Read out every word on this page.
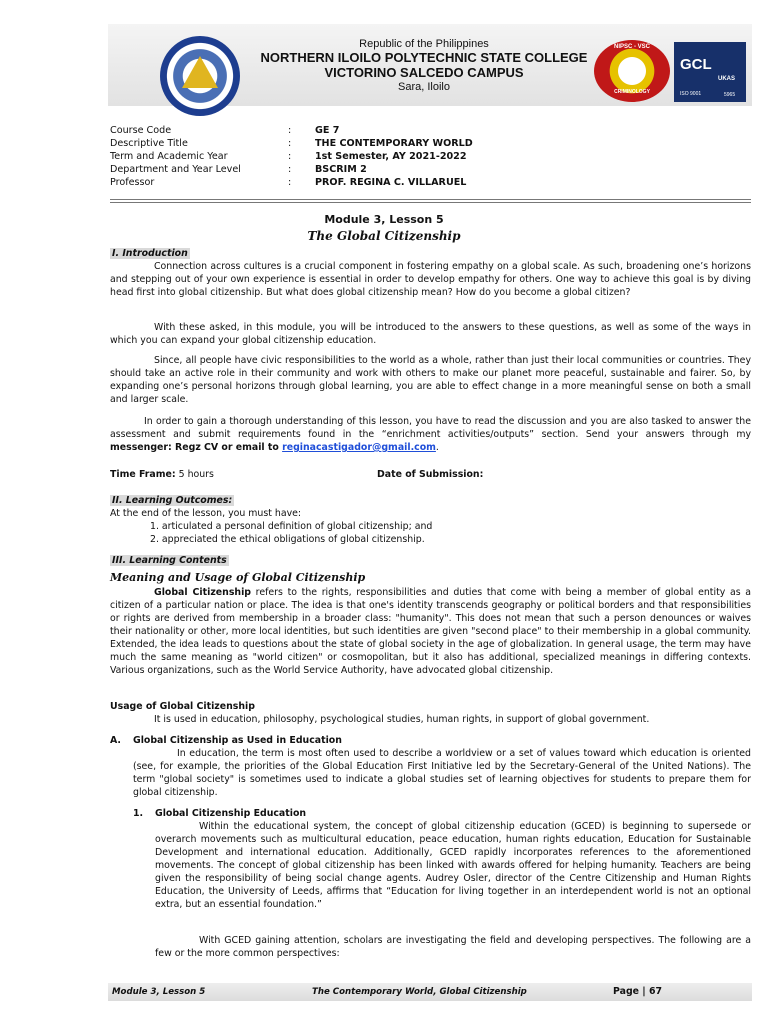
Republic of the Philippines
NORTHERN ILOILO POLYTECHNIC STATE COLLEGE
VICTORINO SALCEDO CAMPUS
Sara, Iloilo
NIPSC - VSC
CRIMINOLOGY
GCL
UKAS
ISO 9001	5965
Course Code	: GE 7
Descriptive Title	: THE CONTEMPORARY WORLD
Term and Academic Year	: 1st Semester, AY 2021-2022
Department and Year Level	: BSCRIM 2
Professor	: PROF. REGINA C. VILLARUEL
Module 3, Lesson 5
The Global Citizenship
I. Introduction

Connection across cultures is a crucial component in fostering empathy on a global scale. As such, broadening one’s horizons and stepping out of your own experience is essential in order to develop empathy for others. One way to achieve this goal is by diving head first into global citizenship. But what does global citizenship mean? How do you become a global citizen?

With these asked, in this module, you will be introduced to the answers to these questions, as well as some of the ways in which you can expand your global citizenship education.

Since, all people have civic responsibilities to the world as a whole, rather than just their local communities or countries. They should take an active role in their community and work with others to make our planet more peaceful, sustainable and fairer. So, by expanding one’s personal horizons through global learning, you are able to effect change in a more meaningful sense on both a small and larger scale.

In order to gain a thorough understanding of this lesson, you have to read the discussion and you are also tasked to answer the assessment and submit requirements found in the “enrichment activities/outputs” section. Send your answers through my messenger: Regz CV or email to reginacastigador@gmail.com.

Time Frame: 5 hours	Date of Submission:
II. Learning Outcomes:
At the end of the lesson, you must have:
1. articulated a personal definition of global citizenship; and
2. appreciated the ethical obligations of global citizenship.
III. Learning Contents
Meaning and Usage of Global Citizenship

Global Citizenship refers to the rights, responsibilities and duties that come with being a member of global entity as a citizen of a particular nation or place. The idea is that one's identity transcends geography or political borders and that responsibilities or rights are derived from membership in a broader class: "humanity". This does not mean that such a person denounces or waives their nationality or other, more local identities, but such identities are given "second place" to their membership in a global community. Extended, the idea leads to questions about the state of global society in the age of globalization. In general usage, the term may have much the same meaning as "world citizen" or cosmopolitan, but it also has additional, specialized meanings in differing contexts. Various organizations, such as the World Service Authority, have advocated global citizenship.

Usage of Global Citizenship
It is used in education, philosophy, psychological studies, human rights, in support of global government.
A. Global Citizenship as Used in Education

In education, the term is most often used to describe a worldview or a set of values toward which education is oriented (see, for example, the priorities of the Global Education First Initiative led by the Secretary-General of the United Nations). The term "global society" is sometimes used to indicate a global studies set of learning objectives for students to prepare them for global citizenship.

1. Global Citizenship Education

Within the educational system, the concept of global citizenship education (GCED) is beginning to supersede or overarch movements such as multicultural education, peace education, human rights education, Education for Sustainable Development and international education. Additionally, GCED rapidly incorporates references to the aforementioned movements. The concept of global citizenship has been linked with awards offered for helping humanity. Teachers are being given the responsibility of being social change agents. Audrey Osler, director of the Centre Citizenship and Human Rights Education, the University of Leeds, affirms that “Education for living together in an interdependent world is not an optional extra, but an essential foundation.”

With GCED gaining attention, scholars are investigating the field and developing perspectives. The following are a few or the more common perspectives:

Module 3, Lesson 5	The Contemporary World, Global Citizenship	Page | 67
